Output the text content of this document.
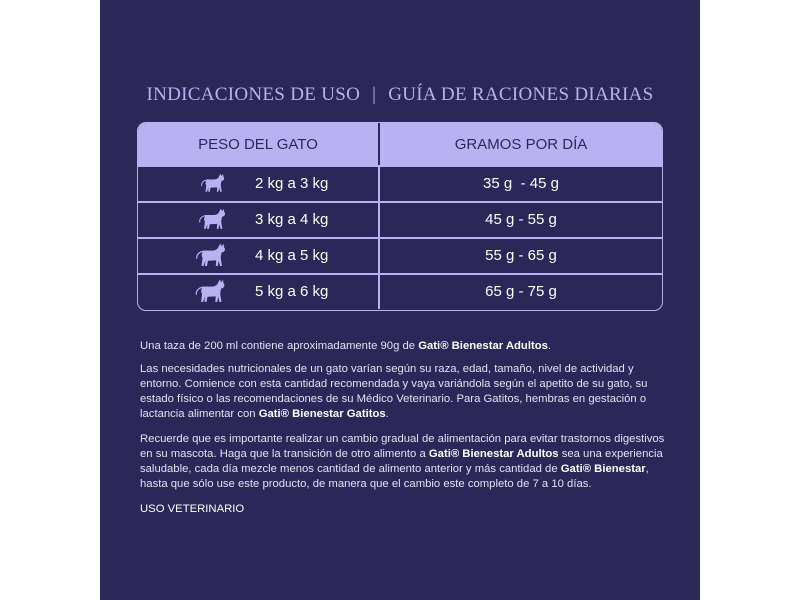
INDICACIONES DE USO | GUÍA DE RACIONES DIARIAS
PESO DEL GATO	GRAMOS POR DÍA
2 kg a 3 kg	35 g  - 45 g
3 kg a 4 kg	45 g - 55 g
4 kg a 5 kg	55 g - 65 g
5 kg a 6 kg	65 g - 75 g
Una taza de 200 ml contiene aproximadamente 90g de Gati® Bienestar Adultos.
Las necesidades nutricionales de un gato varían según su raza, edad, tamaño, nivel de actividad y entorno. Comience con esta cantidad recomendada y vaya variándola según el apetito de su gato, su estado físico o las recomendaciones de su Médico Veterinario. Para Gatitos, hembras en gestación o lactancia alimentar con Gati® Bienestar Gatitos.
Recuerde que es importante realizar un cambio gradual de alimentación para evitar trastornos digestivos en su mascota. Haga que la transición de otro alimento a Gati® Bienestar Adultos sea una experiencia saludable, cada día mezcle menos cantidad de alimento anterior y más cantidad de Gati® Bienestar, hasta que sólo use este producto, de manera que el cambio este completo de 7 a 10 días.
USO VETERINARIO
